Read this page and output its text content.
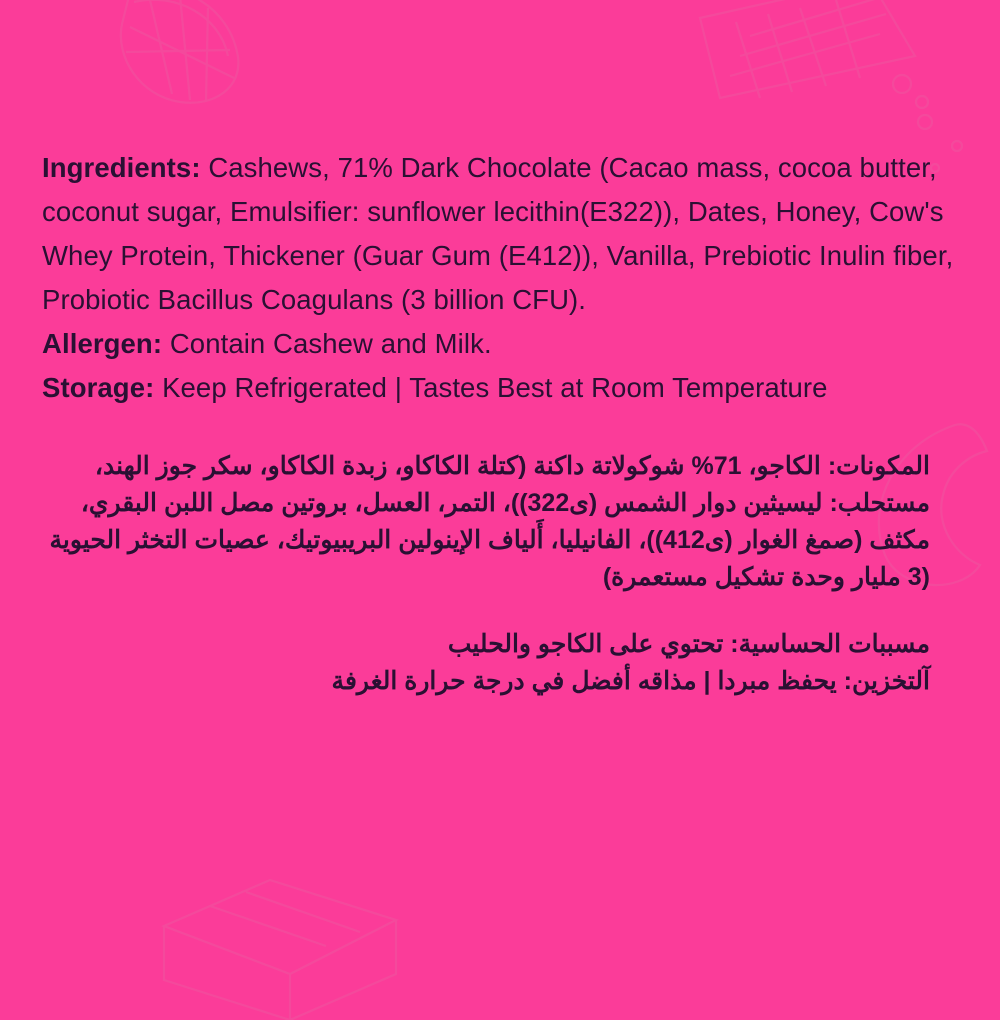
Ingredients: Cashews, 71% Dark Chocolate (Cacao mass, cocoa butter, coconut sugar, Emulsifier: sunflower lecithin(E322)), Dates, Honey, Cow's Whey Protein, Thickener (Guar Gum (E412)), Vanilla, Prebiotic Inulin fiber, Probiotic Bacillus Coagulans (3 billion CFU).

Allergen: Contain Cashew and Milk.

Storage: Keep Refrigerated | Tastes Best at Room Temperature

المكونات: الكاجو، 71% شوكولاتة داكنة (كتلة الكاكاو، زبدة الكاكاو، سكر جوز الهند، مستحلب: ليسيثين دوار الشمس (ى322))، التمر، العسل، بروتين مصل اللبن البقري، مكثف (صمغ الغوار (ى412))، الفانيليا، أَلياف الإينولين البريبيوتيك، عصيات التخثر الحيوية (3 مليار وحدة تشكيل مستعمرة)

مسببات الحساسية: تحتوي على الكاجو والحليب

آلتخزين: يحفظ مبردا | مذاقه أفضل في درجة حرارة الغرفة
